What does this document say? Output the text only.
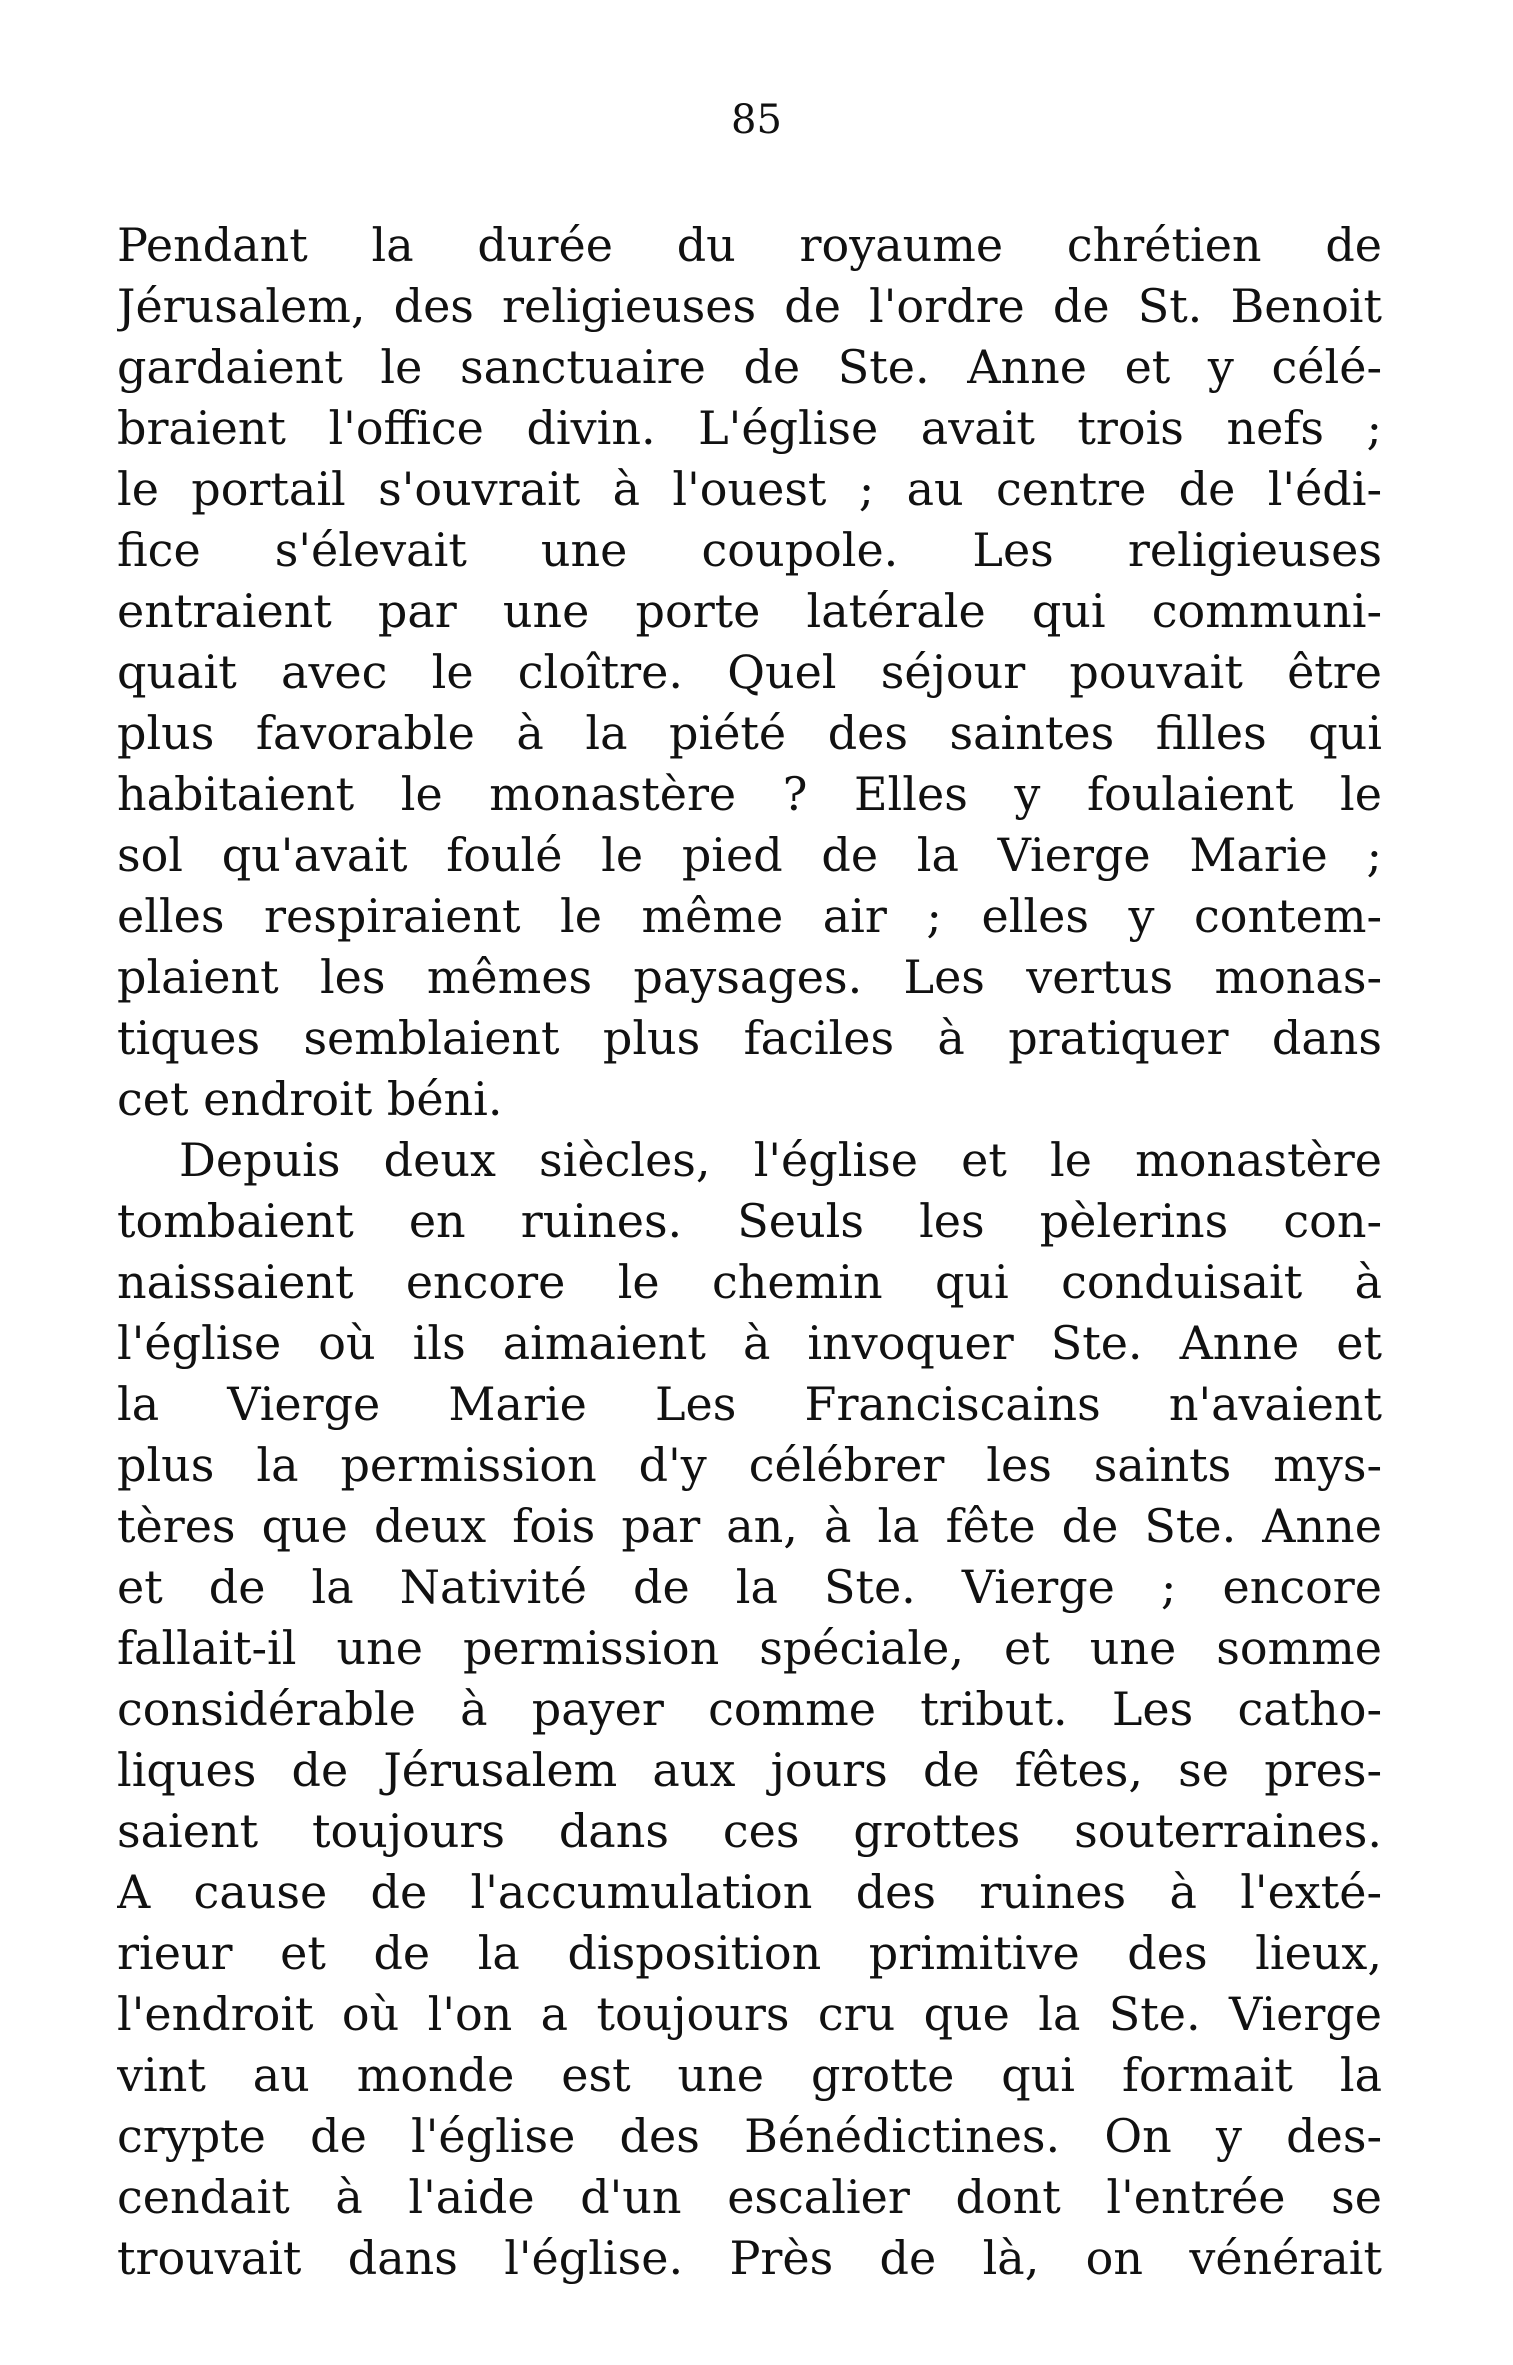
85
Pendant la durée du royaume chrétien de
Jérusalem, des religieuses de l'ordre de St. Benoit
gardaient le sanctuaire de Ste. Anne et y célé-
braient l'office divin. L'église avait trois nefs ;
le portail s'ouvrait à l'ouest ; au centre de l'édi-
fice s'élevait une coupole. Les religieuses
entraient par une porte latérale qui communi-
quait avec le cloître. Quel séjour pouvait être
plus favorable à la piété des saintes filles qui
habitaient le monastère ? Elles y foulaient le
sol qu'avait foulé le pied de la Vierge Marie ;
elles respiraient le même air ; elles y contem-
plaient les mêmes paysages. Les vertus monas-
tiques semblaient plus faciles à pratiquer dans
cet endroit béni.
Depuis deux siècles, l'église et le monastère
tombaient en ruines. Seuls les pèlerins con-
naissaient encore le chemin qui conduisait à
l'église où ils aimaient à invoquer Ste. Anne et
la Vierge Marie Les Franciscains n'avaient
plus la permission d'y célébrer les saints mys-
tères que deux fois par an, à la fête de Ste. Anne
et de la Nativité de la Ste. Vierge ; encore
fallait-il une permission spéciale, et une somme
considérable à payer comme tribut. Les catho-
liques de Jérusalem aux jours de fêtes, se pres-
saient toujours dans ces grottes souterraines.
A cause de l'accumulation des ruines à l'exté-
rieur et de la disposition primitive des lieux,
l'endroit où l'on a toujours cru que la Ste. Vierge
vint au monde est une grotte qui formait la
crypte de l'église des Bénédictines. On y des-
cendait à l'aide d'un escalier dont l'entrée se
trouvait dans l'église. Près de là, on vénérait
